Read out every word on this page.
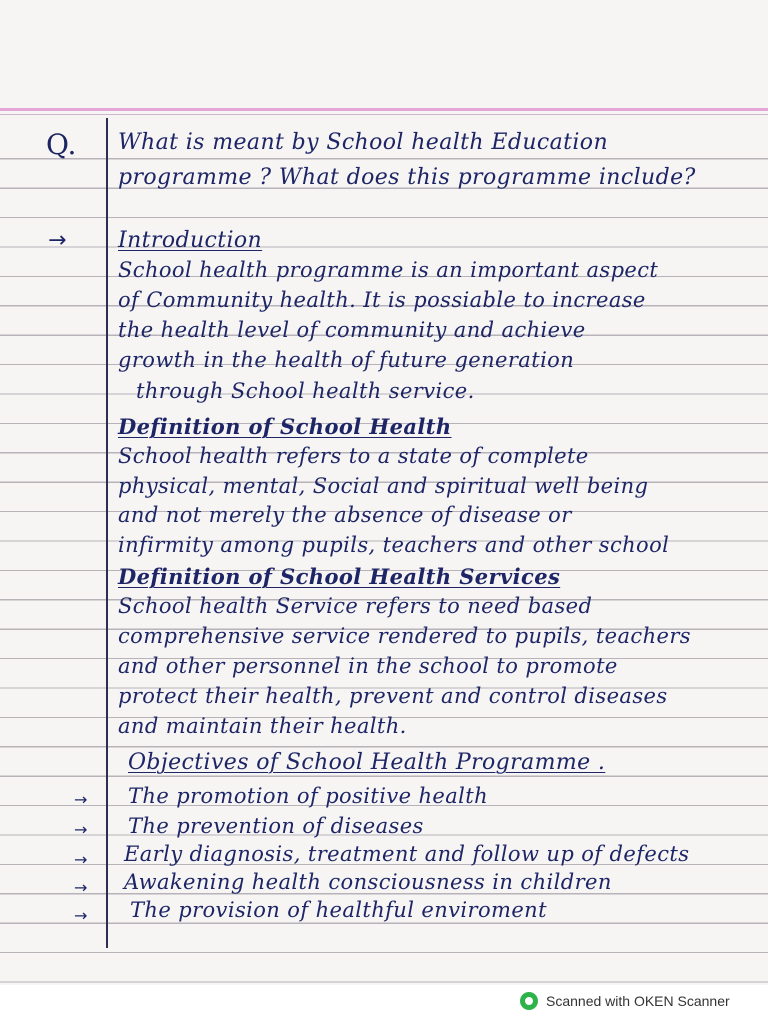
Q. What is meant by School health Education
programme ? What does this programme include?
→ Introduction
School health programme is an important aspect
of Community health. It is possiable to increase
the health level of community and achieve
growth in the health of future generation
through School health service.
Definition of School Health
School health refers to a state of complete
physical, mental, Social and spiritual well being
and not merely the absence of disease or
infirmity among pupils, teachers and other school
Definition of School Health Services
School health Service refers to need based
comprehensive service rendered to pupils, teachers
and other personnel in the school to promote
protect their health, prevent and control diseases
and maintain their health.
Objectives of School Health Programme .
→ The promotion of positive health
→ The prevention of diseases
→ Early diagnosis, treatment and follow up of defects
→ Awakening health consciousness in children
→ The provision of healthful enviroment
Scanned with OKEN Scanner
